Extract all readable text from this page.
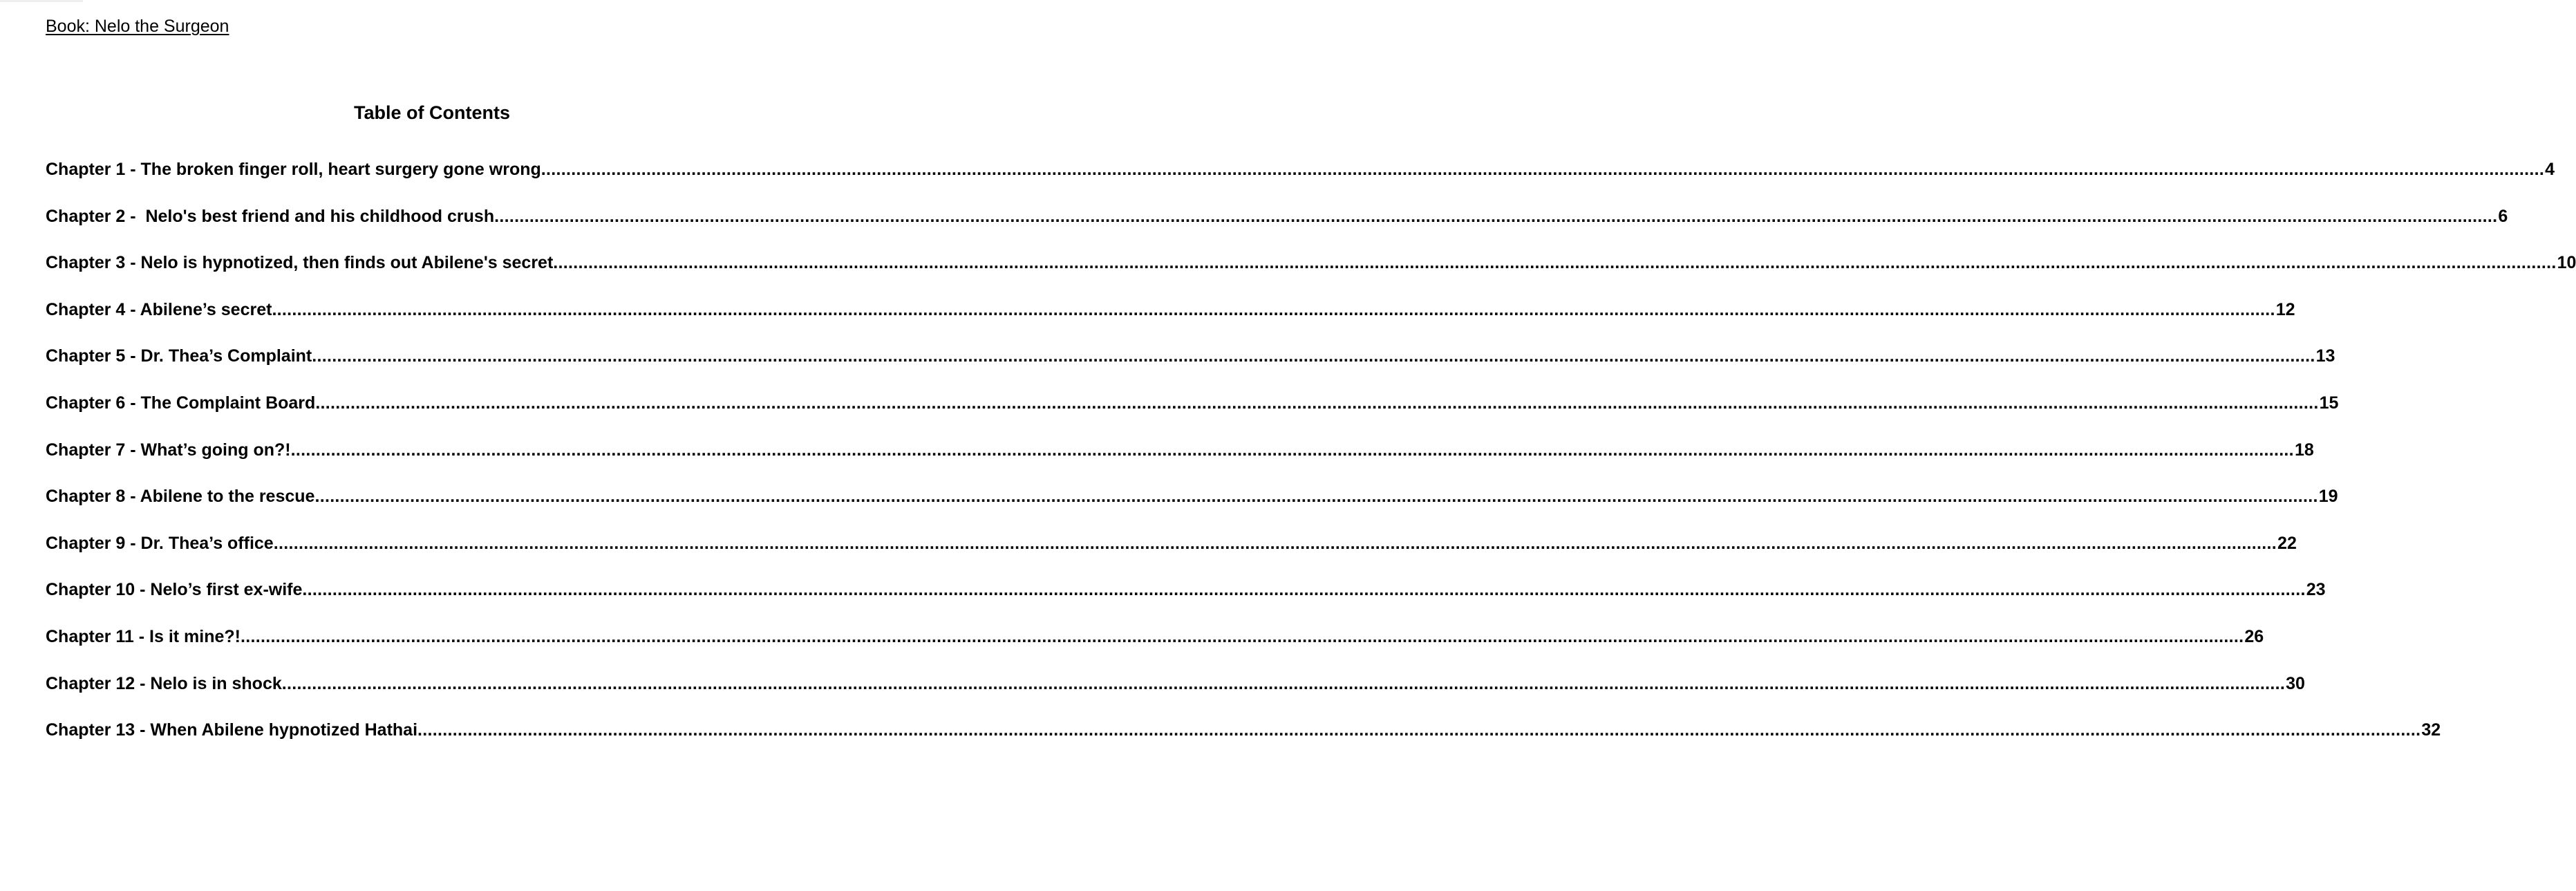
Book: Nelo the Surgeon
Table of Contents
Chapter 1 - The broken finger roll, heart surgery gone wrong ................................................................................................................................................................................................................................................................................................................................................................................................................ 4
Chapter 2 -  Nelo's best friend and his childhood crush ................................................................................................................................................................................................................................................................................................................................................................................................................ 6
Chapter 3 - Nelo is hypnotized, then finds out Abilene's secret ................................................................................................................................................................................................................................................................................................................................................................................................................ 10
Chapter 4 - Abilene’s secret ................................................................................................................................................................................................................................................................................................................................................................................................................ 12
Chapter 5 - Dr. Thea’s Complaint ................................................................................................................................................................................................................................................................................................................................................................................................................ 13
Chapter 6 - The Complaint Board ................................................................................................................................................................................................................................................................................................................................................................................................................ 15
Chapter 7 - What’s going on?! ................................................................................................................................................................................................................................................................................................................................................................................................................ 18
Chapter 8 - Abilene to the rescue ................................................................................................................................................................................................................................................................................................................................................................................................................ 19
Chapter 9 - Dr. Thea’s office ................................................................................................................................................................................................................................................................................................................................................................................................................ 22
Chapter 10 - Nelo’s first ex-wife ................................................................................................................................................................................................................................................................................................................................................................................................................ 23
Chapter 11 - Is it mine?! ................................................................................................................................................................................................................................................................................................................................................................................................................ 26
Chapter 12 - Nelo is in shock ................................................................................................................................................................................................................................................................................................................................................................................................................ 30
Chapter 13 - When Abilene hypnotized Hathai ................................................................................................................................................................................................................................................................................................................................................................................................................ 32
